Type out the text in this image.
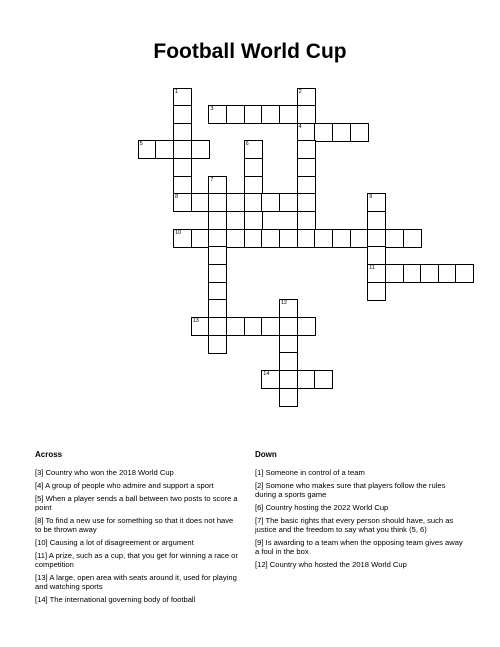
Football World Cup
1	2
3
4
5	6
7
8	9
10
11
12
13
14
Across
[3] Country who won the 2018 World Cup
[4] A group of people who admire and support a sport
[5] When a player sends a ball between two posts to score a point
[8] To find a new use for something so that it does not have to be thrown away
[10] Causing a lot of disagreement or argument
[11] A prize, such as a cup, that you get for winning a race or competition
[13] A large, open area with seats around it, used for playing and watching sports
[14] The international governing body of football
Down
[1] Someone in control of a team
[2] Somone who makes sure that players follow the rules during a sports game
[6] Country hosting the 2022 World Cup
[7] The basic rights that every person should have, such as justice and the freedom to say what you think (5, 6)
[9] Is awarding to a team when the opposing team gives away a foul in the box
[12] Country who hosted the 2018 World Cup
